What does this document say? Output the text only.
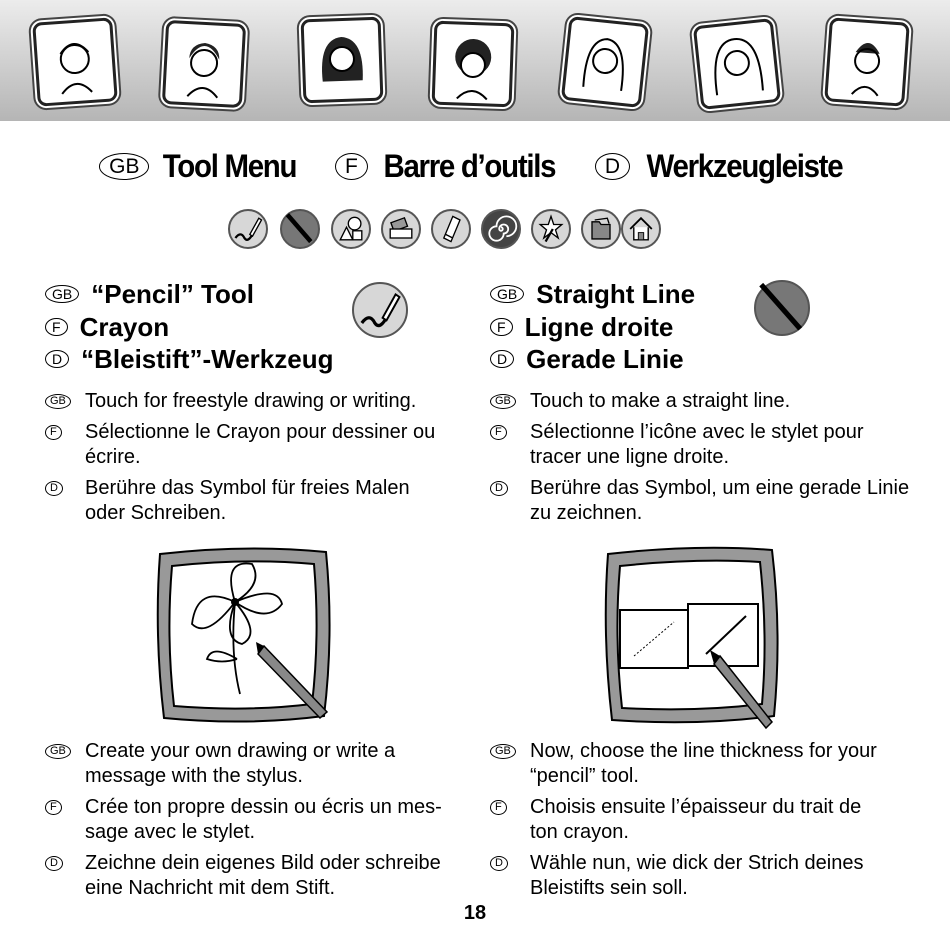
GB Tool Menu F Barre d’outils D Werkzeugleiste
GB “Pencil” Tool
F Crayon
D “Bleistift”-Werkzeug
GB Touch for freestyle drawing or writing.
F Sélectionne le Crayon pour dessiner ou écrire.
D Berühre das Symbol für freies Malen oder Schreiben.
GB Create your own drawing or write a message with the stylus.
F Crée ton propre dessin ou écris un mes-sage avec le stylet.
D Zeichne dein eigenes Bild oder schreibe eine Nachricht mit dem Stift.
GB Straight Line
F Ligne droite
D Gerade Linie
GB Touch to make a straight line.
F Sélectionne l’icône avec le stylet pour tracer une ligne droite.
D Berühre das Symbol, um eine gerade Linie zu zeichnen.
GB Now, choose the line thickness for your “pencil” tool.
F Choisis ensuite l’épaisseur du trait de ton crayon.
D Wähle nun, wie dick der Strich deines Bleistifts sein soll.
18
